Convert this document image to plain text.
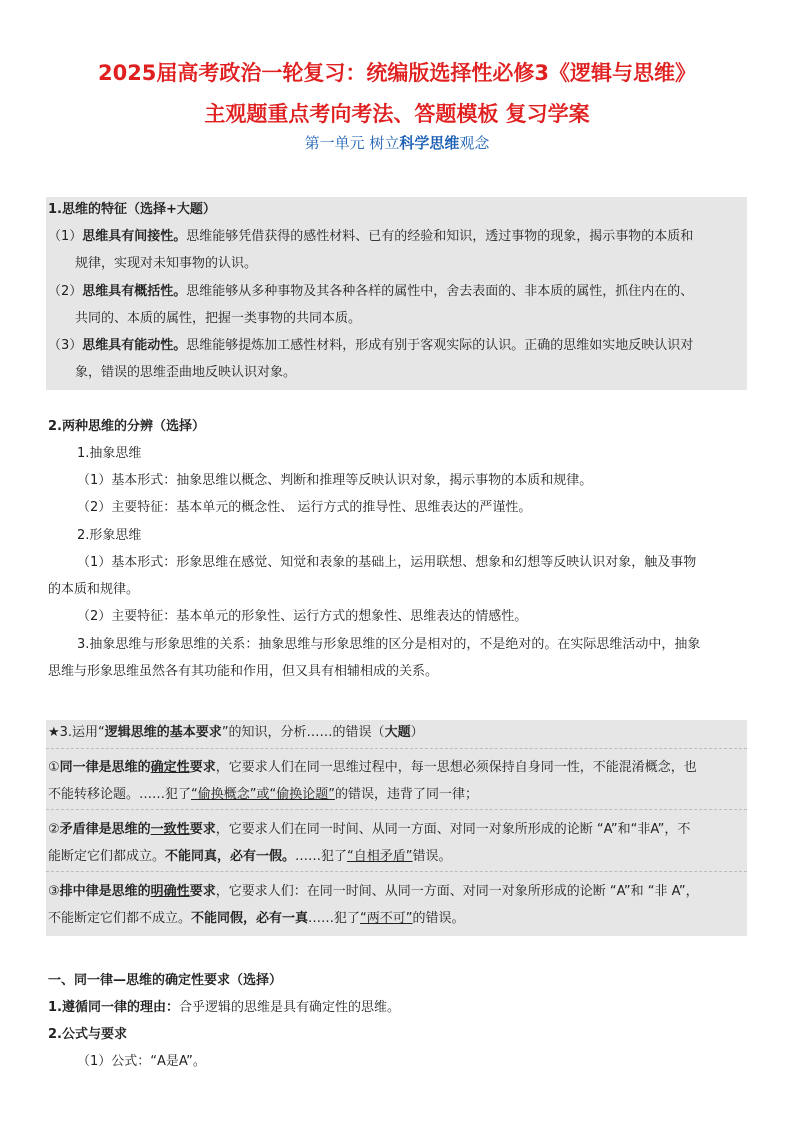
2025届高考政治一轮复习：统编版选择性必修3《逻辑与思维》
主观题重点考向考法、答题模板 复习学案
第一单元 树立科学思维观念
1.思维的特征（选择+大题）
（1）思维具有间接性。思维能够凭借获得的感性材料、已有的经验和知识，透过事物的现象，揭示事物的本质和
规律，实现对未知事物的认识。
（2）思维具有概括性。思维能够从多种事物及其各种各样的属性中，舍去表面的、非本质的属性，抓住内在的、
共同的、本质的属性，把握一类事物的共同本质。
（3）思维具有能动性。思维能够提炼加工感性材料，形成有别于客观实际的认识。正确的思维如实地反映认识对
象，错误的思维歪曲地反映认识对象。
2.两种思维的分辨（选择）
1.抽象思维
（1）基本形式：抽象思维以概念、判断和推理等反映认识对象，揭示事物的本质和规律。
（2）主要特征：基本单元的概念性、 运行方式的推导性、思维表达的严谨性。
2.形象思维
（1）基本形式：形象思维在感觉、知觉和表象的基础上，运用联想、想象和幻想等反映认识对象，触及事物
的本质和规律。
（2）主要特征：基本单元的形象性、运行方式的想象性、思维表达的情感性。
3.抽象思维与形象思维的关系：抽象思维与形象思维的区分是相对的，不是绝对的。在实际思维活动中，抽象
思维与形象思维虽然各有其功能和作用，但又具有相辅相成的关系。
★3.运用“逻辑思维的基本要求”的知识，分析……的错误（大题）
①同一律是思维的确定性要求，它要求人们在同一思维过程中，每一思想必须保持自身同一性，不能混淆概念，也
不能转移论题。……犯了“偷换概念”或“偷换论题”的错误，违背了同一律；
②矛盾律是思维的一致性要求，它要求人们在同一时间、从同一方面、对同一对象所形成的论断 “A”和“非A”，不
能断定它们都成立。不能同真，必有一假。……犯了“自相矛盾”错误。
③排中律是思维的明确性要求，它要求人们：在同一时间、从同一方面、对同一对象所形成的论断 “A”和 “非 A”，
不能断定它们都不成立。不能同假，必有一真……犯了“两不可”的错误。
一、同一律—思维的确定性要求（选择）
1.遵循同一律的理由：合乎逻辑的思维是具有确定性的思维。
2.公式与要求
（1）公式：“A是A”。
